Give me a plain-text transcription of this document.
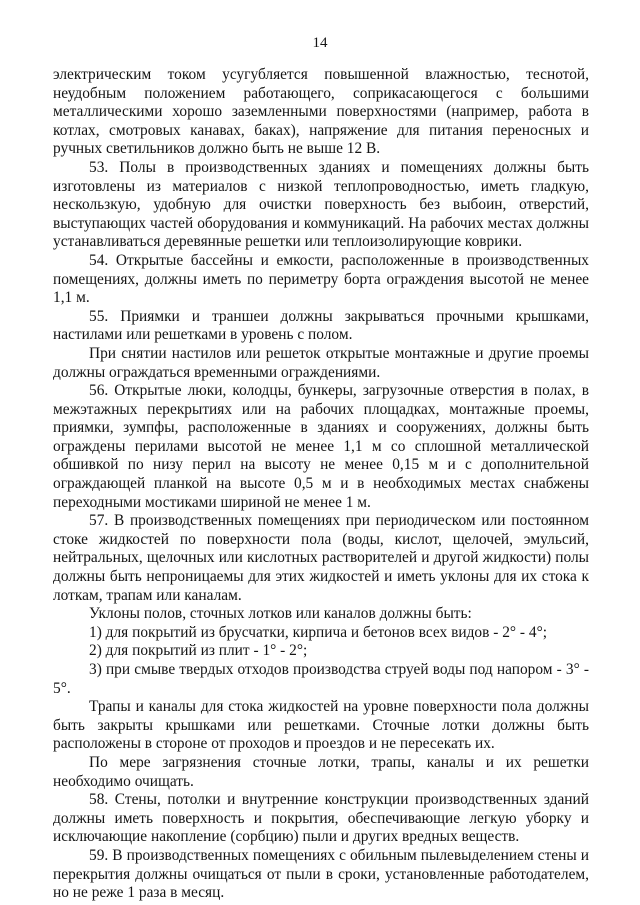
14

электрическим током усугубляется повышенной влажностью, теснотой, неудобным положением работающего, соприкасающегося с большими металлическими хорошо заземленными поверхностями (например, работа в котлах, смотровых канавах, баках), напряжение для питания переносных и ручных светильников должно быть не выше 12 В.

53. Полы в производственных зданиях и помещениях должны быть изготовлены из материалов с низкой теплопроводностью, иметь гладкую, нескользкую, удобную для очистки поверхность без выбоин, отверстий, выступающих частей оборудования и коммуникаций. На рабочих местах должны устанавливаться деревянные решетки или теплоизолирующие коврики.

54. Открытые бассейны и емкости, расположенные в производственных помещениях, должны иметь по периметру борта ограждения высотой не менее 1,1 м.

55. Приямки и траншеи должны закрываться прочными крышками, настилами или решетками в уровень с полом.

При снятии настилов или решеток открытые монтажные и другие проемы должны ограждаться временными ограждениями.

56. Открытые люки, колодцы, бункеры, загрузочные отверстия в полах, в межэтажных перекрытиях или на рабочих площадках, монтажные проемы, приямки, зумпфы, расположенные в зданиях и сооружениях, должны быть ограждены перилами высотой не менее 1,1 м со сплошной металлической обшивкой по низу перил на высоту не менее 0,15 м и с дополнительной ограждающей планкой на высоте 0,5 м и в необходимых местах снабжены переходными мостиками шириной не менее 1 м.

57. В производственных помещениях при периодическом или постоянном стоке жидкостей по поверхности пола (воды, кислот, щелочей, эмульсий, нейтральных, щелочных или кислотных растворителей и другой жидкости) полы должны быть непроницаемы для этих жидкостей и иметь уклоны для их стока к лоткам, трапам или каналам.

Уклоны полов, сточных лотков или каналов должны быть:

1) для покрытий из брусчатки, кирпича и бетонов всех видов - 2° - 4°;

2) для покрытий из плит - 1° - 2°;

3) при смыве твердых отходов производства струей воды под напором - 3° - 5°.

Трапы и каналы для стока жидкостей на уровне поверхности пола должны быть закрыты крышками или решетками. Сточные лотки должны быть расположены в стороне от проходов и проездов и не пересекать их.

По мере загрязнения сточные лотки, трапы, каналы и их решетки необходимо очищать.

58. Стены, потолки и внутренние конструкции производственных зданий должны иметь поверхность и покрытия, обеспечивающие легкую уборку и исключающие накопление (сорбцию) пыли и других вредных веществ.

59. В производственных помещениях с обильным пылевыделением стены и перекрытия должны очищаться от пыли в сроки, установленные работодателем, но не реже 1 раза в месяц.
